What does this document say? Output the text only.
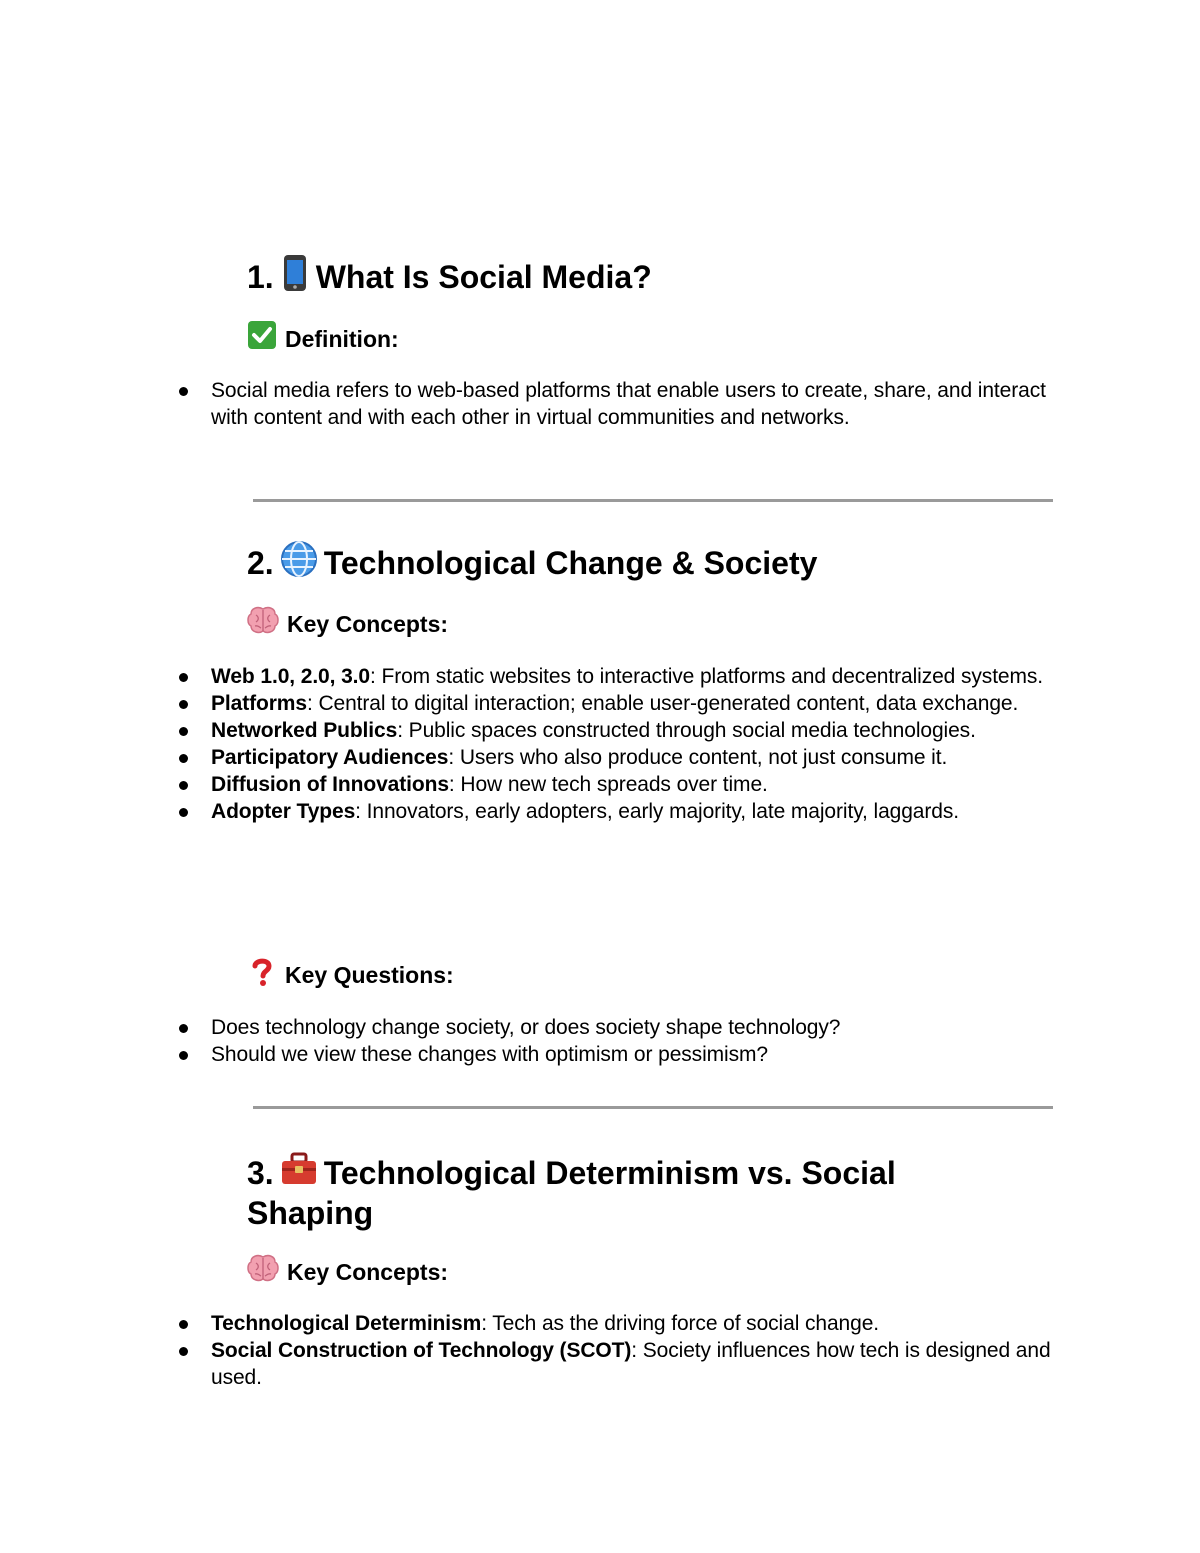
1. What Is Social Media?
Definition:
Social media refers to web-based platforms that enable users to create, share, and interact with content and with each other in virtual communities and networks.
2. Technological Change & Society
Key Concepts:
Web 1.0, 2.0, 3.0: From static websites to interactive platforms and decentralized systems.
Platforms: Central to digital interaction; enable user-generated content, data exchange.
Networked Publics: Public spaces constructed through social media technologies.
Participatory Audiences: Users who also produce content, not just consume it.
Diffusion of Innovations: How new tech spreads over time.
Adopter Types: Innovators, early adopters, early majority, late majority, laggards.
Key Questions:
Does technology change society, or does society shape technology?
Should we view these changes with optimism or pessimism?
3. Technological Determinism vs. Social Shaping
Key Concepts:
Technological Determinism: Tech as the driving force of social change.
Social Construction of Technology (SCOT): Society influences how tech is designed and used.
